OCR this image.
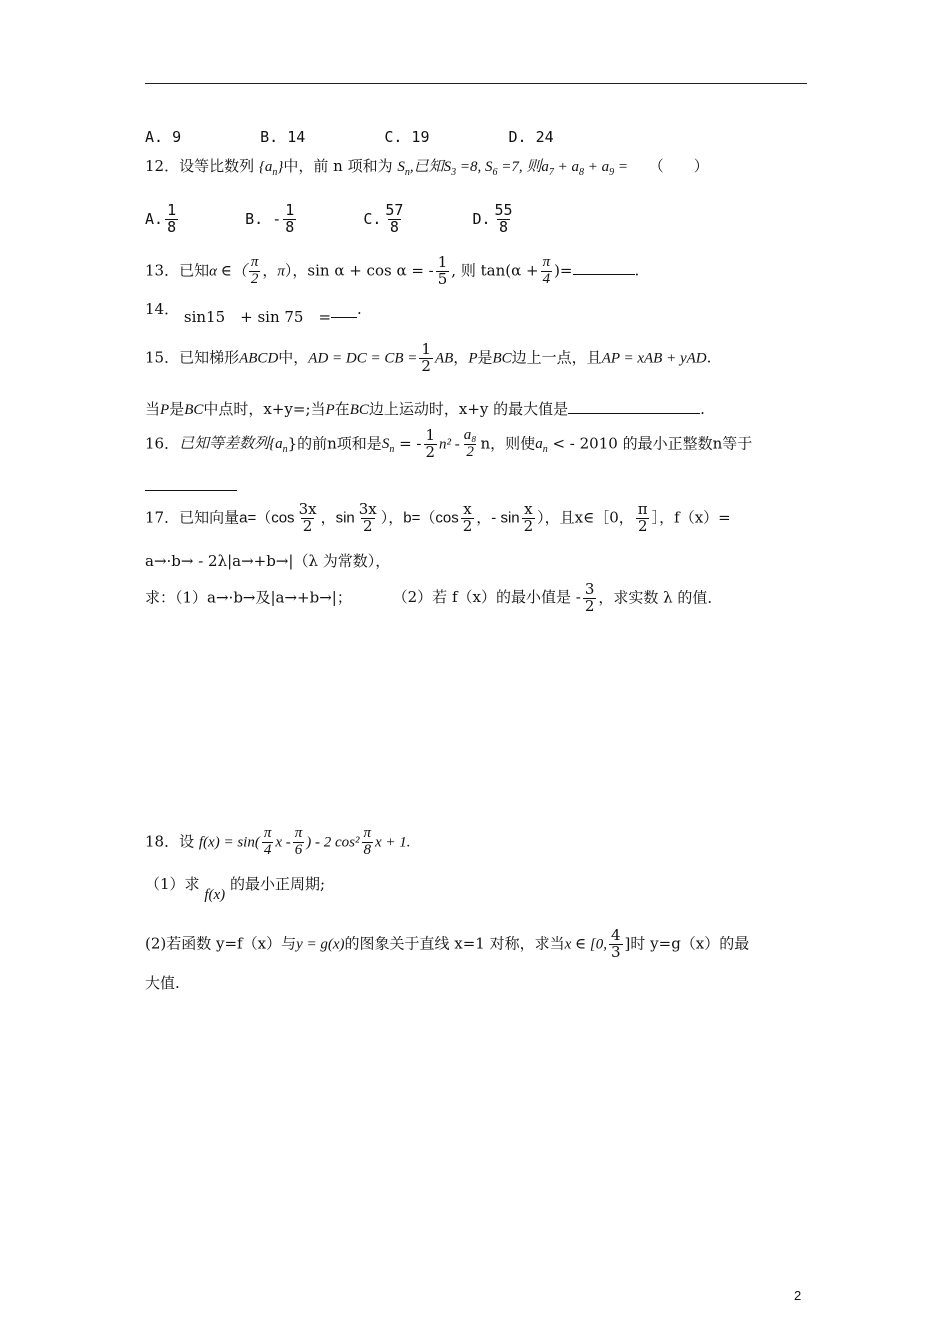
A. 9	B. 14	C. 19	D. 24
12．设等比数列 $\{a_n\}$中，前 n 项和为 $S_n$,已知$S_3 =8$, $S_6 =7$, 则$a_7 + a_8 + a_9$ = （　　）
A. $\frac{1}{8}$	B. - $\frac{1}{8}$	C. $\frac{57}{8}$	D. $\frac{55}{8}$
13．已知α ∈（ $\frac{\pi}{2}$ ，π），sin α + cos α = - $\frac{1}{5}$ , 则 $\tan(\alpha + \frac{\pi}{4}$ )=	.
14． sin15　+ sin 75　= .
15．已知梯形ABCD中，AD = DC = CB = $\frac{1}{2}$ AB，P是BC边上一点，且AP = xAB + yAD.
当P是BC中点时，x+y=;当P在BC边上运动时，x+y 的最大值是	.
16．已知等差数列$\{a_n\}$的前n项和是$S_n$ = - $\frac{1}{2} n^2 - \frac{\text{a₈}}{2}$ n，则使$a_n$ < - 2010 的最小正整数n等于
17．已知向量$a=(\cos \frac{3x}{2}$ ，$\sin \frac{3x}{2}$ ），$b=(\cos \frac{x}{2}$ ，- $\sin \frac{x}{2}$ ），且x∈［0， $\frac{\pi}{2}$ ］，f（x）=
a→·b→ - 2λ|a→+b→|（λ 为常数），
求：（1）a→·b→及|a→+b→|；	（2）若 f（x）的最小值是 - $\frac{3}{2}$ ，求实数 λ 的值．
18．设 $f(x) = \sin( \frac{\pi}{4}$ x - $\frac{\pi}{6}$ ) - 2 $\cos^2 \frac{\pi}{8}$ x + 1.
（1）求 f(x) 的最小正周期;
(2)若函数 y=f（x）与y = g(x)的图象关于直线 x=1 对称，求当x ∈ [0, $\frac{4}{3}$ ]时 y=g（x）的最
大值.
2
